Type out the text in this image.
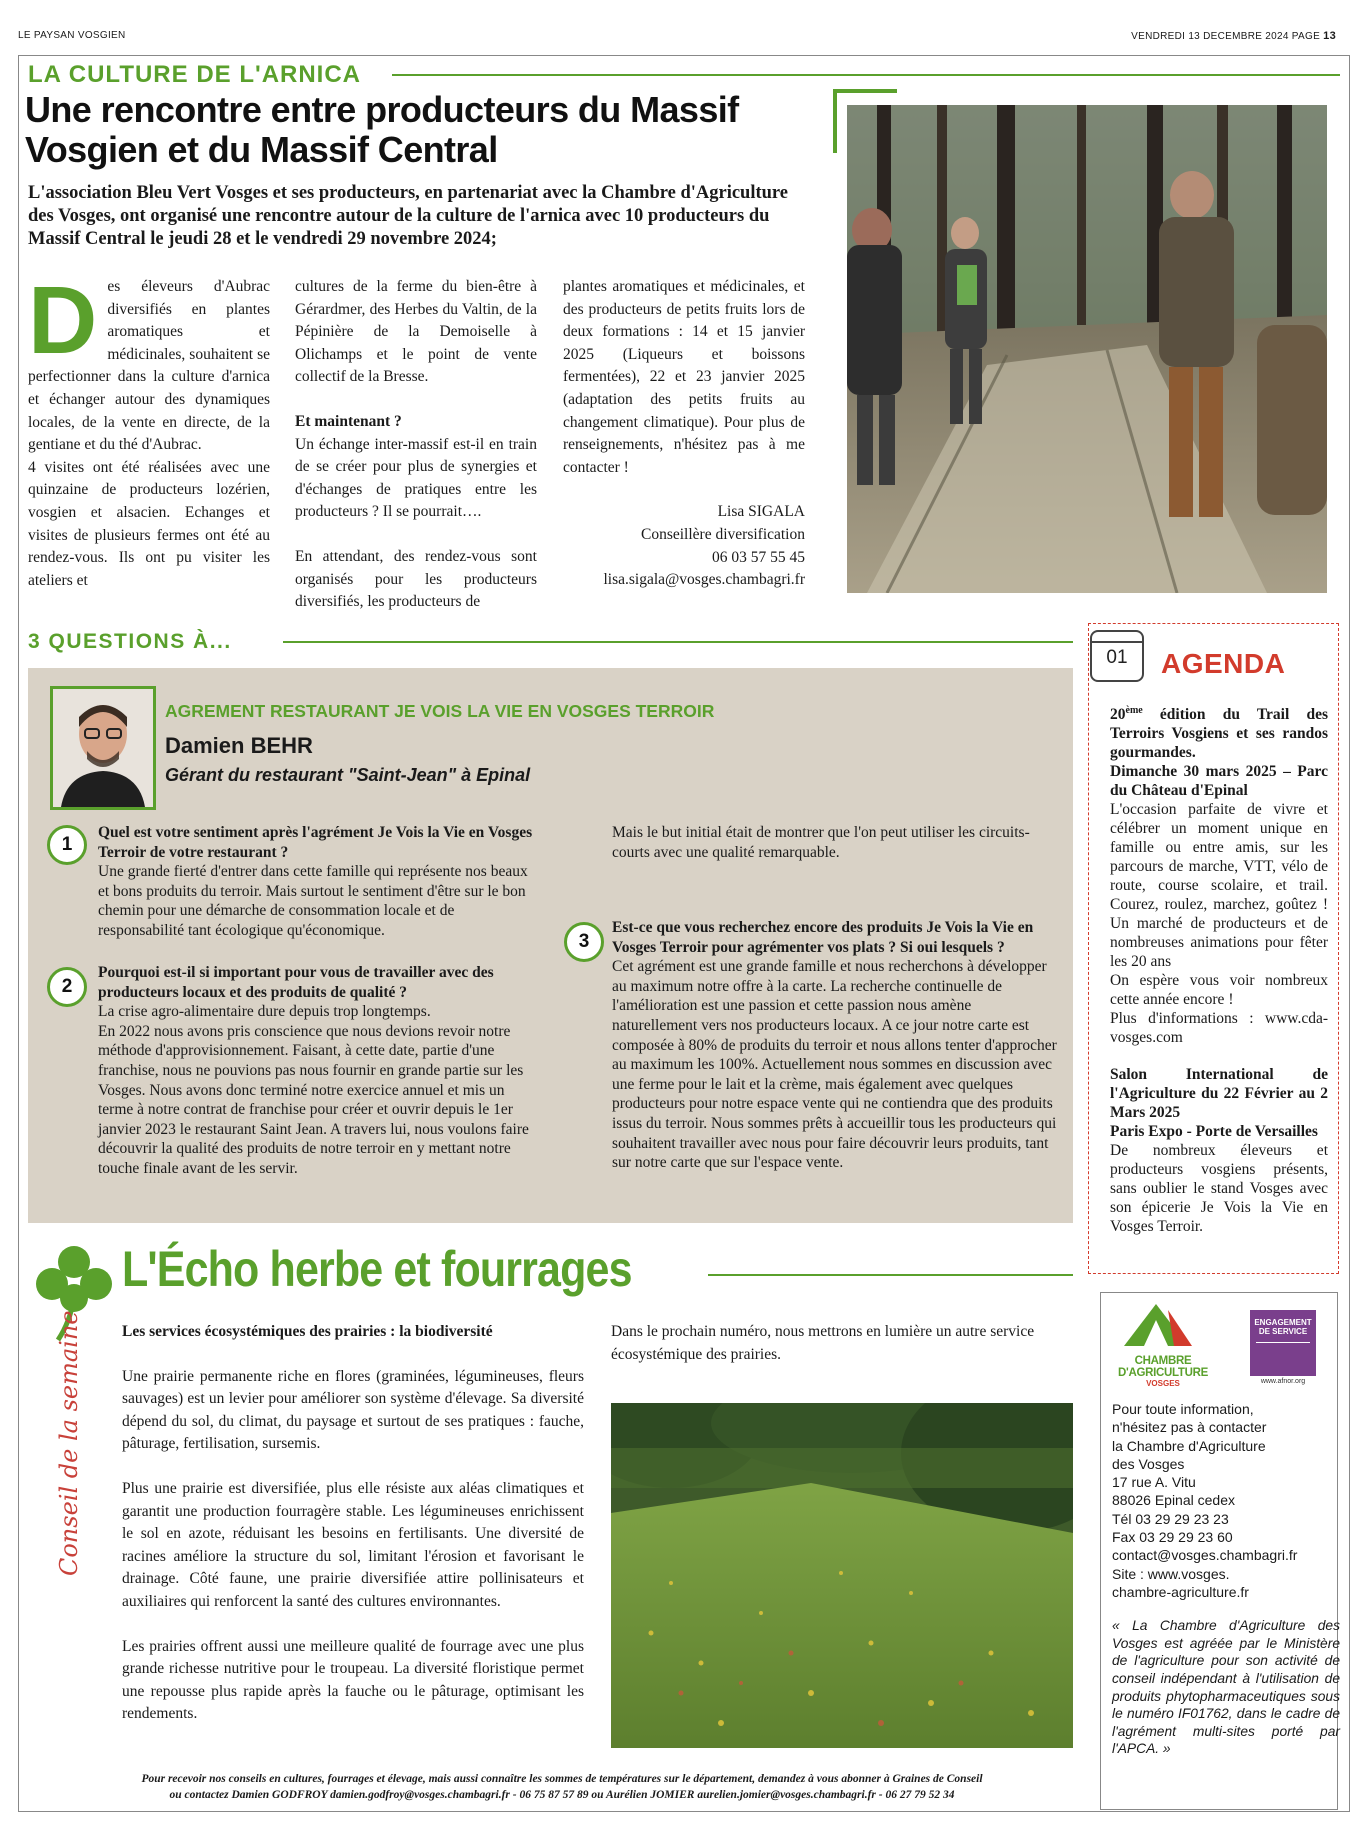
LE PAYSAN VOSGIEN	VENDREDI 13 DECEMBRE 2024 PAGE 13
LA CULTURE DE L'ARNICA
Une rencontre entre producteurs du Massif Vosgien et du Massif Central
L'association Bleu Vert Vosges et ses producteurs, en partenariat avec la Chambre d'Agriculture des Vosges, ont organisé une rencontre autour de la culture de l'arnica avec 10 producteurs du Massif Central le jeudi 28 et le vendredi 29 novembre 2024;
D es éleveurs d'Aubrac diversifiés en plantes aromatiques et médicinales, souhaitent se perfectionner dans la culture d'arnica et échanger autour des dynamiques locales, de la vente en directe, de la gentiane et du thé d'Aubrac.

4 visites ont été réalisées avec une quinzaine de producteurs lozérien, vosgien et alsacien. Echanges et visites de plusieurs fermes ont été au rendez-vous. Ils ont pu visiter les ateliers et

cultures de la ferme du bien-être à Gérardmer, des Herbes du Valtin, de la Pépinière de la Demoiselle à Olichamps et le point de vente collectif de la Bresse.

Et maintenant ?

Un échange inter-massif est-il en train de se créer pour plus de synergies et d'échanges de pratiques entre les producteurs ? Il se pourrait….

En attendant, des rendez-vous sont organisés pour les producteurs diversifiés, les producteurs de

plantes aromatiques et médicinales, et des producteurs de petits fruits lors de deux formations : 14 et 15 janvier 2025 (Liqueurs et boissons fermentées), 22 et 23 janvier 2025 (adaptation des petits fruits au changement climatique). Pour plus de renseignements, n'hésitez pas à me contacter !

Lisa SIGALA
Conseillère diversification
06 03 57 55 45
lisa.sigala@vosges.chambagri.fr
3 QUESTIONS À...
AGREMENT RESTAURANT JE VOIS LA VIE EN VOSGES TERROIR
Damien BEHR
Gérant du restaurant "Saint-Jean" à Epinal
1

Quel est votre sentiment après l'agrément Je Vois la Vie en Vosges Terroir de votre restaurant ?

Une grande fierté d'entrer dans cette famille qui représente nos beaux et bons produits du terroir. Mais surtout le sentiment d'être sur le bon chemin pour une démarche de consommation locale et de responsabilité tant écologique qu'économique.

2

Pourquoi est-il si important pour vous de travailler avec des producteurs locaux et des produits de qualité ?

La crise agro-alimentaire dure depuis trop longtemps.

En 2022 nous avons pris conscience que nous devions revoir notre méthode d'approvisionnement. Faisant, à cette date, partie d'une franchise, nous ne pouvions pas nous fournir en grande partie sur les Vosges. Nous avons donc terminé notre exercice annuel et mis un terme à notre contrat de franchise pour créer et ouvrir depuis le 1er janvier 2023 le restaurant Saint Jean. A travers lui, nous voulons faire découvrir la qualité des produits de notre terroir en y mettant notre touche finale avant de les servir.

Mais le but initial était de montrer que l'on peut utiliser les circuits-courts avec une qualité remarquable.

3

Est-ce que vous recherchez encore des produits Je Vois la Vie en Vosges Terroir pour agrémenter vos plats ? Si oui lesquels ?

Cet agrément est une grande famille et nous recherchons à développer au maximum notre offre à la carte. La recherche continuelle de l'amélioration est une passion et cette passion nous amène naturellement vers nos producteurs locaux. A ce jour notre carte est composée à 80% de produits du terroir et nous allons tenter d'approcher au maximum les 100%. Actuellement nous sommes en discussion avec une ferme pour le lait et la crème, mais également avec quelques producteurs pour notre espace vente qui ne contiendra que des produits issus du terroir. Nous sommes prêts à accueillir tous les producteurs qui souhaitent travailler avec nous pour faire découvrir leurs produits, tant sur notre carte que sur l'espace vente.

01	AGENDA

20ème édition du Trail des Terroirs Vosgiens et ses randos gourmandes.

Dimanche 30 mars 2025 – Parc du Château d'Epinal

L'occasion parfaite de vivre et célébrer un moment unique en famille ou entre amis, sur les parcours de marche, VTT, vélo de route, course scolaire, et trail. Courez, roulez, marchez, goûtez ! Un marché de producteurs et de nombreuses animations pour fêter les 20 ans

On espère vous voir nombreux cette année encore !

Plus d'informations : www.cda-vosges.com

Salon International de l'Agriculture du 22 Février au 2 Mars 2025

Paris Expo - Porte de Versailles

De nombreux éleveurs et producteurs vosgiens présents, sans oublier le stand Vosges avec son épicerie Je Vois la Vie en Vosges Terroir.

CHAMBRE
D'AGRICULTURE
VOSGES
ENGAGEMENT
DE SERVICE
www.afnor.org
Pour toute information,
n'hésitez pas à contacter
la Chambre d'Agriculture
des Vosges
17 rue A. Vitu
88026 Epinal cedex
Tél 03 29 29 23 23
Fax 03 29 29 23 60
contact@vosges.chambagri.fr
Site : www.vosges.
chambre-agriculture.fr
« La Chambre d'Agriculture des Vosges est agréée par le Ministère de l'agriculture pour son activité de conseil indépendant à l'utilisation de produits phytopharmaceutiques sous le numéro IF01762, dans le cadre de l'agrément multi-sites porté par l'APCA. »
L'Écho herbe et fourrages
Conseil de la semaine	Les services écosystémiques des prairies : la biodiversité

Une prairie permanente riche en flores (graminées, légumineuses, fleurs sauvages) est un levier pour améliorer son système d'élevage. Sa diversité dépend du sol, du climat, du paysage et surtout de ses pratiques : fauche, pâturage, fertilisation, sursemis.

Plus une prairie est diversifiée, plus elle résiste aux aléas climatiques et garantit une production fourragère stable. Les légumineuses enrichissent le sol en azote, réduisant les besoins en fertilisants. Une diversité de racines améliore la structure du sol, limitant l'érosion et favorisant le drainage. Côté faune, une prairie diversifiée attire pollinisateurs et auxiliaires qui renforcent la santé des cultures environnantes.

Les prairies offrent aussi une meilleure qualité de fourrage avec une plus grande richesse nutritive pour le troupeau. La diversité floristique permet une repousse plus rapide après la fauche ou le pâturage, optimisant les rendements.

Dans le prochain numéro, nous mettrons en lumière un autre service écosystémique des prairies.
Pour recevoir nos conseils en cultures, fourrages et élevage, mais aussi connaître les sommes de températures sur le département, demandez à vous abonner à Graines de Conseil
ou contactez Damien GODFROY damien.godfroy@vosges.chambagri.fr - 06 75 87 57 89 ou Aurélien JOMIER aurelien.jomier@vosges.chambagri.fr - 06 27 79 52 34
